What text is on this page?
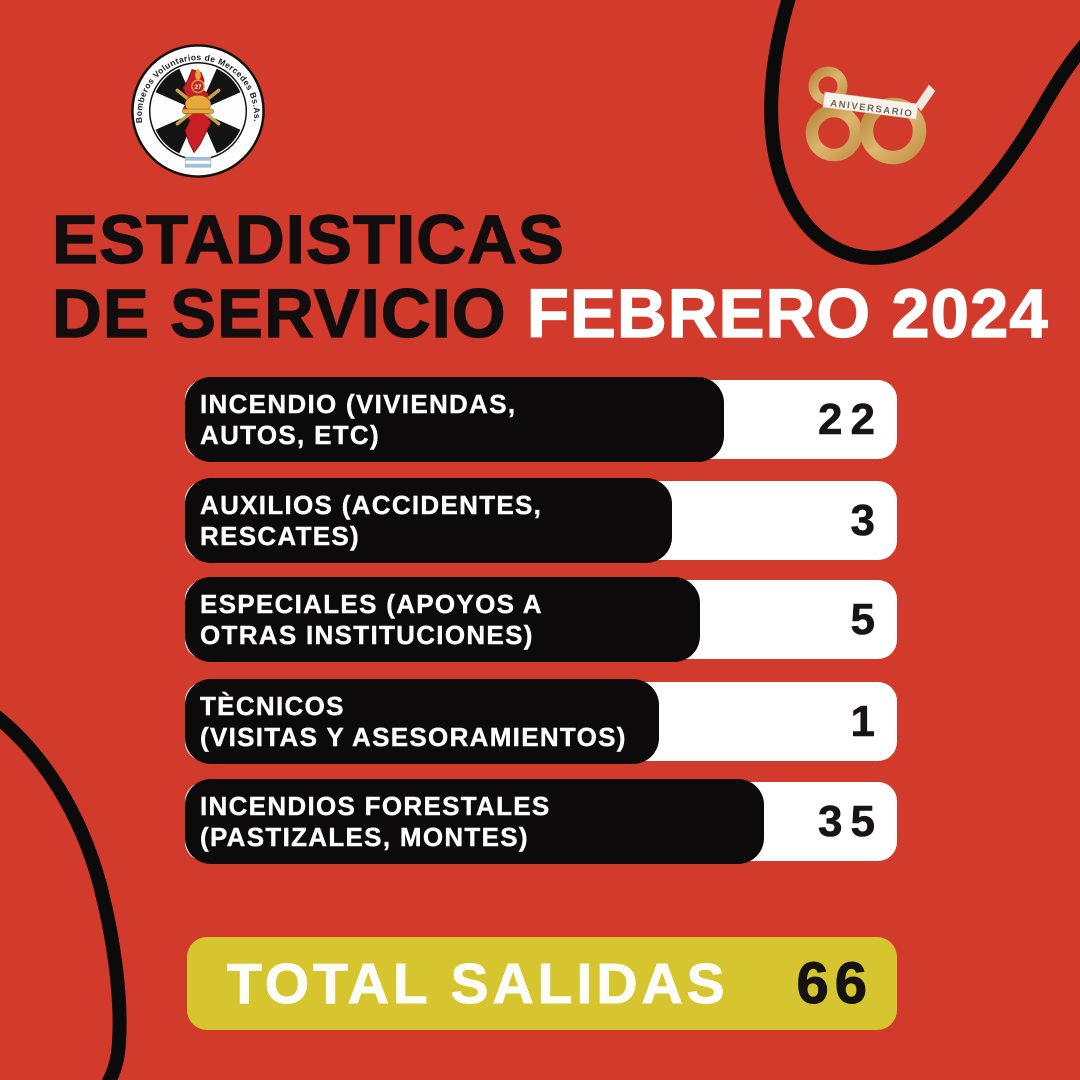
Bomberos Voluntarios de Mercedes Bs.As.
27
ANIVERSARIO
ESTADISTICAS
DE SERVICIO FEBRERO 2024
INCENDIO (VIVIENDAS,
AUTOS, ETC)	22
AUXILIOS (ACCIDENTES,
RESCATES)	3
ESPECIALES (APOYOS A
OTRAS INSTITUCIONES)	5
TÈCNICOS
(VISITAS Y ASESORAMIENTOS)	1
INCENDIOS FORESTALES
(PASTIZALES, MONTES)	35
TOTAL SALIDAS 66
